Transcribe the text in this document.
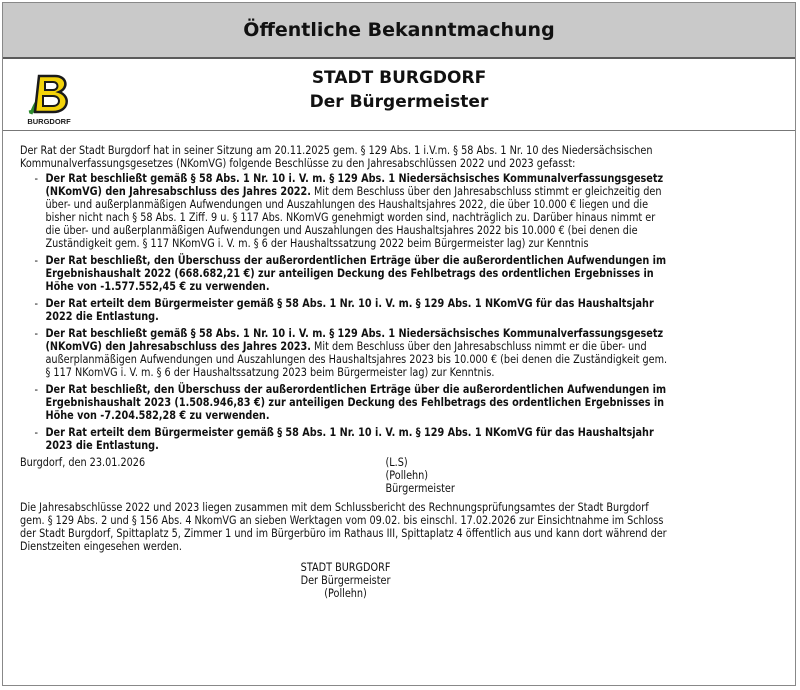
Öffentliche Bekanntmachung
BURGDORF
STADT BURGDORF
Der Bürgermeister

Der Rat der Stadt Burgdorf hat in seiner Sitzung am 20.11.2025 gem. § 129 Abs. 1 i.V.m. § 58 Abs. 1 Nr. 10 des Niedersächsischen Kommunalverfassungsgesetzes (NKomVG) folgende Beschlüsse zu den Jahresabschlüssen 2022 und 2023 gefasst:

- Der Rat beschließt gemäß § 58 Abs. 1 Nr. 10 i. V. m. § 129 Abs. 1 Niedersächsisches Kommunalverfassungsgesetz (NKomVG) den Jahresabschluss des Jahres 2022. Mit dem Beschluss über den Jahresabschluss stimmt er gleichzeitig den über- und außerplanmäßigen Aufwendungen und Auszahlungen des Haushaltsjahres 2022, die über 10.000 € liegen und die bisher nicht nach § 58 Abs. 1 Ziff. 9 u. § 117 Abs. NKomVG genehmigt worden sind, nachträglich zu. Darüber hinaus nimmt er die über- und außerplanmäßigen Aufwendungen und Auszahlungen des Haushaltsjahres 2022 bis 10.000 € (bei denen die Zuständigkeit gem. § 117 NKomVG i. V. m. § 6 der Haushaltssatzung 2022 beim Bürgermeister lag) zur Kenntnis
- Der Rat beschließt, den Überschuss der außerordentlichen Erträge über die außerordentlichen Aufwendungen im Ergebnishaushalt 2022 (668.682,21 €) zur anteiligen Deckung des Fehlbetrags des ordentlichen Ergebnisses in Höhe von -1.577.552,45 € zu verwenden.
- Der Rat erteilt dem Bürgermeister gemäß § 58 Abs. 1 Nr. 10 i. V. m. § 129 Abs. 1 NKomVG für das Haushaltsjahr 2022 die Entlastung.
- Der Rat beschließt gemäß § 58 Abs. 1 Nr. 10 i. V. m. § 129 Abs. 1 Niedersächsisches Kommunalverfassungsgesetz (NKomVG) den Jahresabschluss des Jahres 2023. Mit dem Beschluss über den Jahresabschluss nimmt er die über- und außerplanmäßigen Aufwendungen und Auszahlungen des Haushaltsjahres 2023 bis 10.000 € (bei denen die Zuständigkeit gem. § 117 NKomVG i. V. m. § 6 der Haushaltssatzung 2023 beim Bürgermeister lag) zur Kenntnis.
- Der Rat beschließt, den Überschuss der außerordentlichen Erträge über die außerordentlichen Aufwendungen im Ergebnishaushalt 2023 (1.508.946,83 €) zur anteiligen Deckung des Fehlbetrags des ordentlichen Ergebnisses in Höhe von -7.204.582,28 € zu verwenden.
- Der Rat erteilt dem Bürgermeister gemäß § 58 Abs. 1 Nr. 10 i. V. m. § 129 Abs. 1 NKomVG für das Haushaltsjahr 2023 die Entlastung.
Burgdorf, den 23.01.2026	(L.S)
(Pollehn)
Bürgermeister

Die Jahresabschlüsse 2022 und 2023 liegen zusammen mit dem Schlussbericht des Rechnungsprüfungsamtes der Stadt Burgdorf gem. § 129 Abs. 2 und § 156 Abs. 4 NkomVG an sieben Werktagen vom 09.02. bis einschl. 17.02.2026 zur Einsichtnahme im Schloss der Stadt Burgdorf, Spittaplatz 5, Zimmer 1 und im Bürgerbüro im Rathaus III, Spittaplatz 4 öffentlich aus und kann dort während der Dienstzeiten eingesehen werden.

STADT BURGDORF
Der Bürgermeister
(Pollehn)
